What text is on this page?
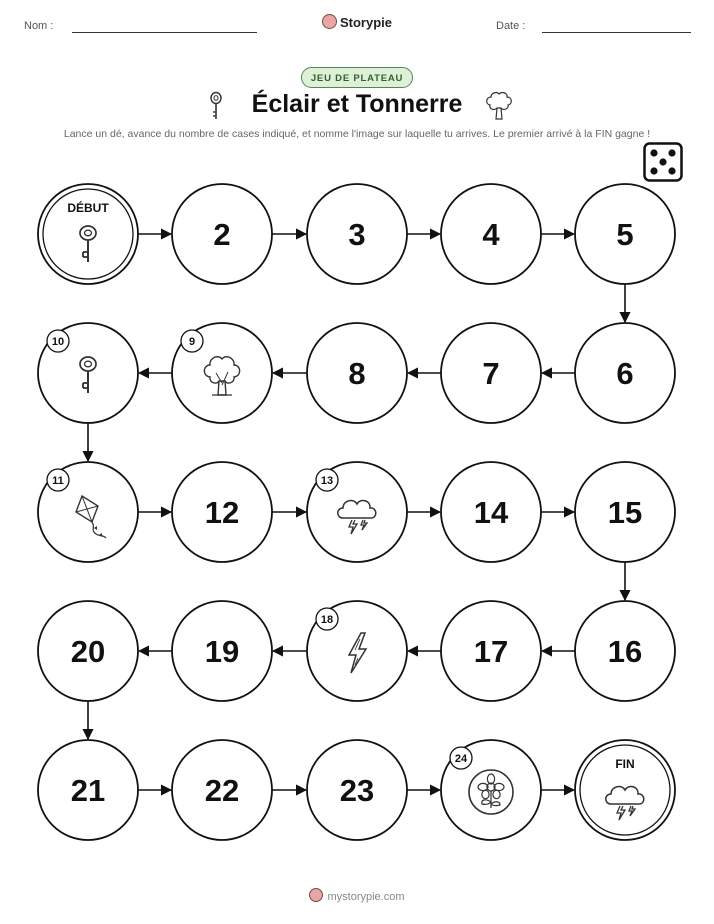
Nom :	Storypie	Date :
JEU DE PLATEAU
Éclair et Tonnerre
Lance un dé, avance du nombre de cases indiqué, et nomme l'image sur laquelle tu arrives. Le premier arrivé à la FIN gagne !
DÉBUT
2	3	4	5
6
7
8
9
10
11
12
13
14	15
16
17
18
19
20
21	22	23
24	FIN
mystorypie.com
